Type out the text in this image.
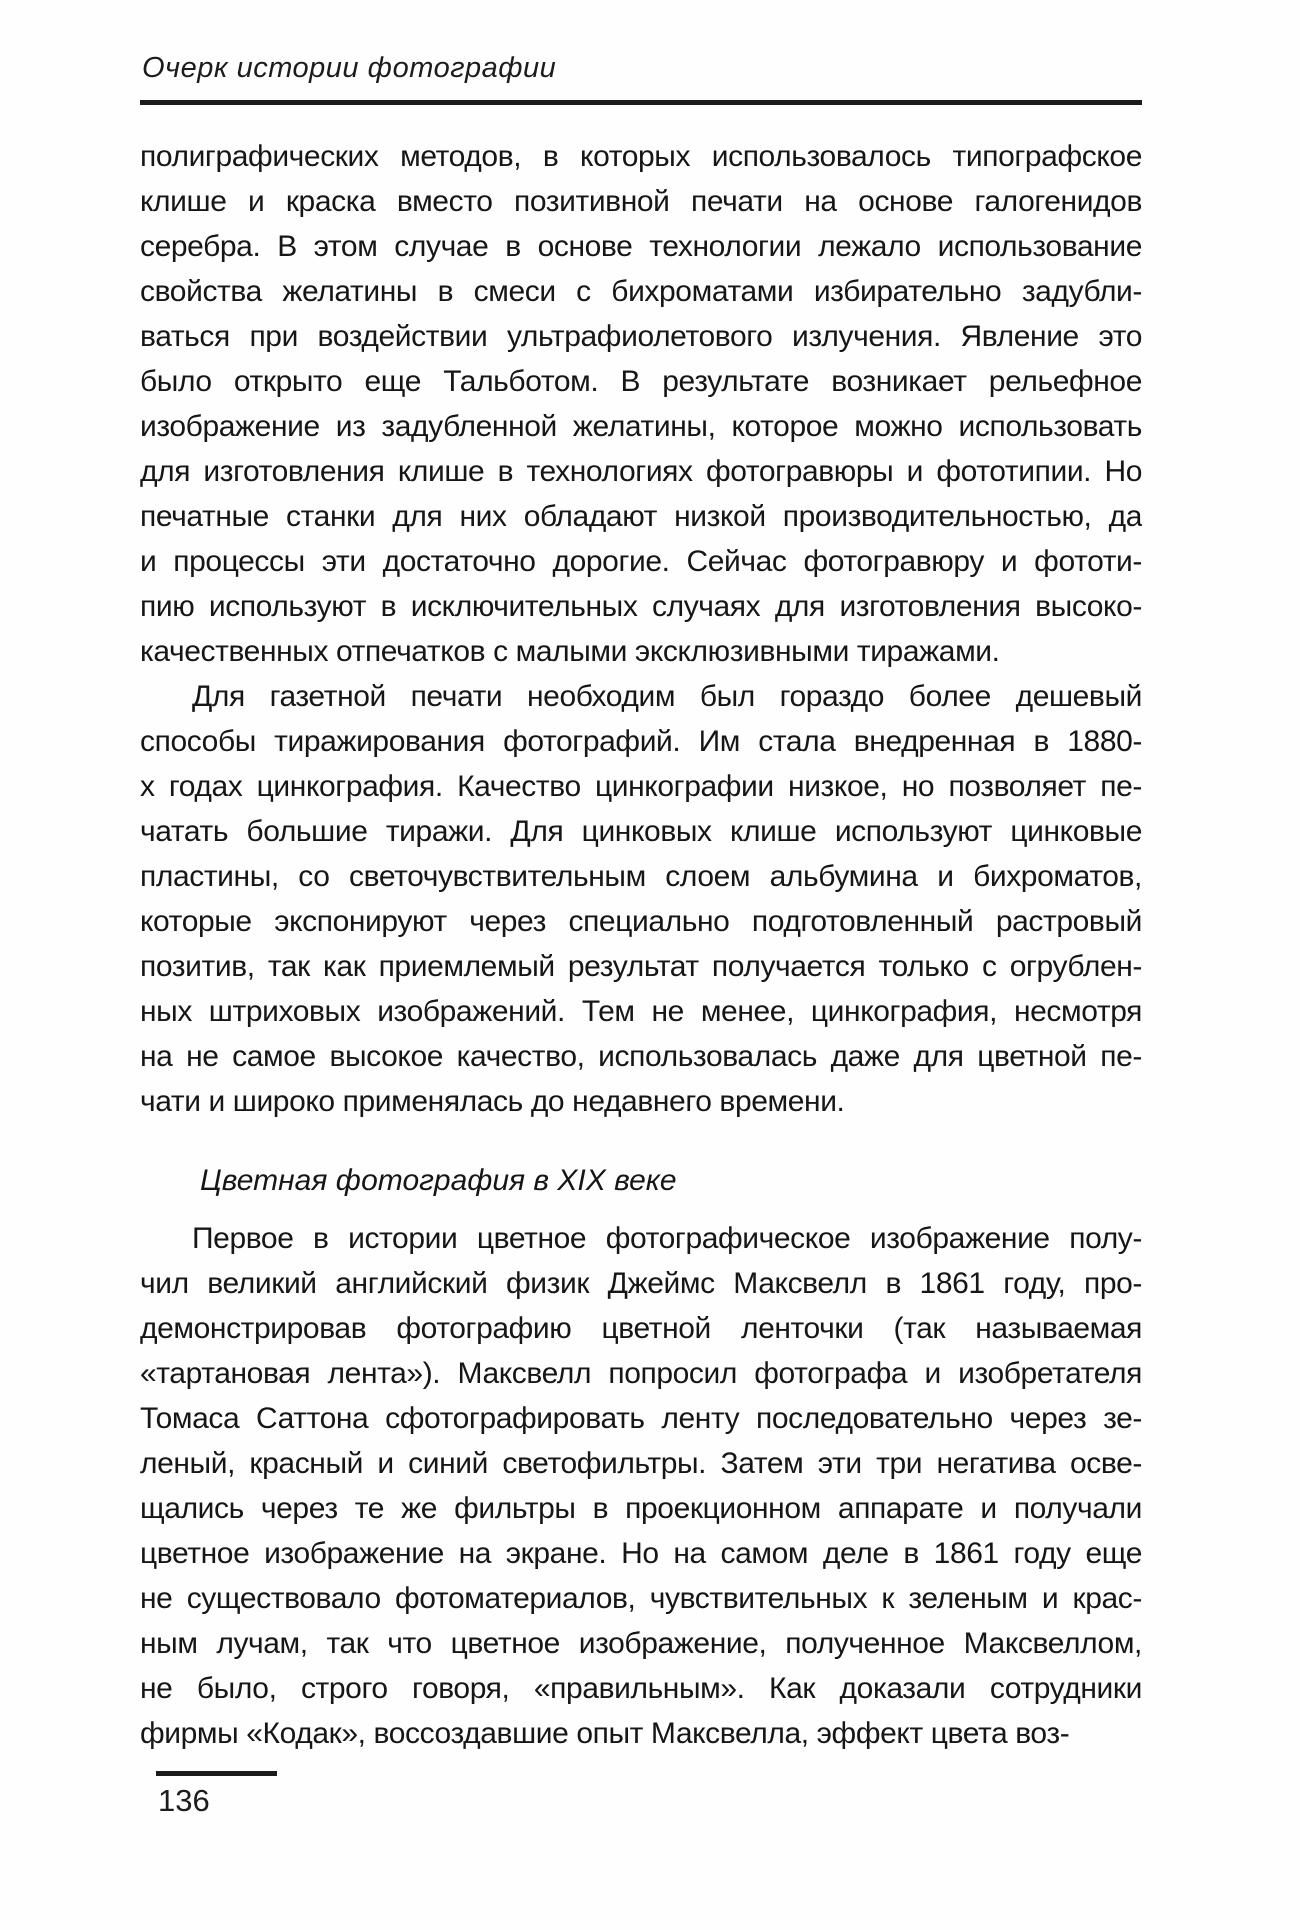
Очерк истории фотографии
полиграфических методов, в которых использовалось типографское
клише и краска вместо позитивной печати на основе галогенидов
серебра. В этом случае в основе технологии лежало использование
свойства желатины в смеси с бихроматами избирательно задубли-
ваться при воздействии ультрафиолетового излучения. Явление это
было открыто еще Тальботом. В результате возникает рельефное
изображение из задубленной желатины, которое можно использовать
для изготовления клише в технологиях фотогравюры и фототипии. Но
печатные станки для них обладают низкой производительностью, да
и процессы эти достаточно дорогие. Сейчас фотогравюру и фототи-
пию используют в исключительных случаях для изготовления высоко-
качественных отпечатков с малыми эксклюзивными тиражами.
Для газетной печати необходим был гораздо более дешевый
способы тиражирования фотографий. Им стала внедренная в 1880-
х годах цинкография. Качество цинкографии низкое, но позволяет пе-
чатать большие тиражи. Для цинковых клише используют цинковые
пластины, со светочувствительным слоем альбумина и бихроматов,
которые экспонируют через специально подготовленный растровый
позитив, так как приемлемый результат получается только с огрублен-
ных штриховых изображений. Тем не менее, цинкография, несмотря
на не самое высокое качество, использовалась даже для цветной пе-
чати и широко применялась до недавнего времени.
Цветная фотография в XIX веке
Первое в истории цветное фотографическое изображение полу-
чил великий английский физик Джеймс Максвелл в 1861 году, про-
демонстрировав фотографию цветной ленточки (так называемая
«тартановая лента»). Максвелл попросил фотографа и изобретателя
Томаса Саттона сфотографировать ленту последовательно через зе-
леный, красный и синий светофильтры. Затем эти три негатива осве-
щались через те же фильтры в проекционном аппарате и получали
цветное изображение на экране. Но на самом деле в 1861 году еще
не существовало фотоматериалов, чувствительных к зеленым и крас-
ным лучам, так что цветное изображение, полученное Максвеллом,
не было, строго говоря, «правильным». Как доказали сотрудники
фирмы «Кодак», воссоздавшие опыт Максвелла, эффект цвета воз-
136
